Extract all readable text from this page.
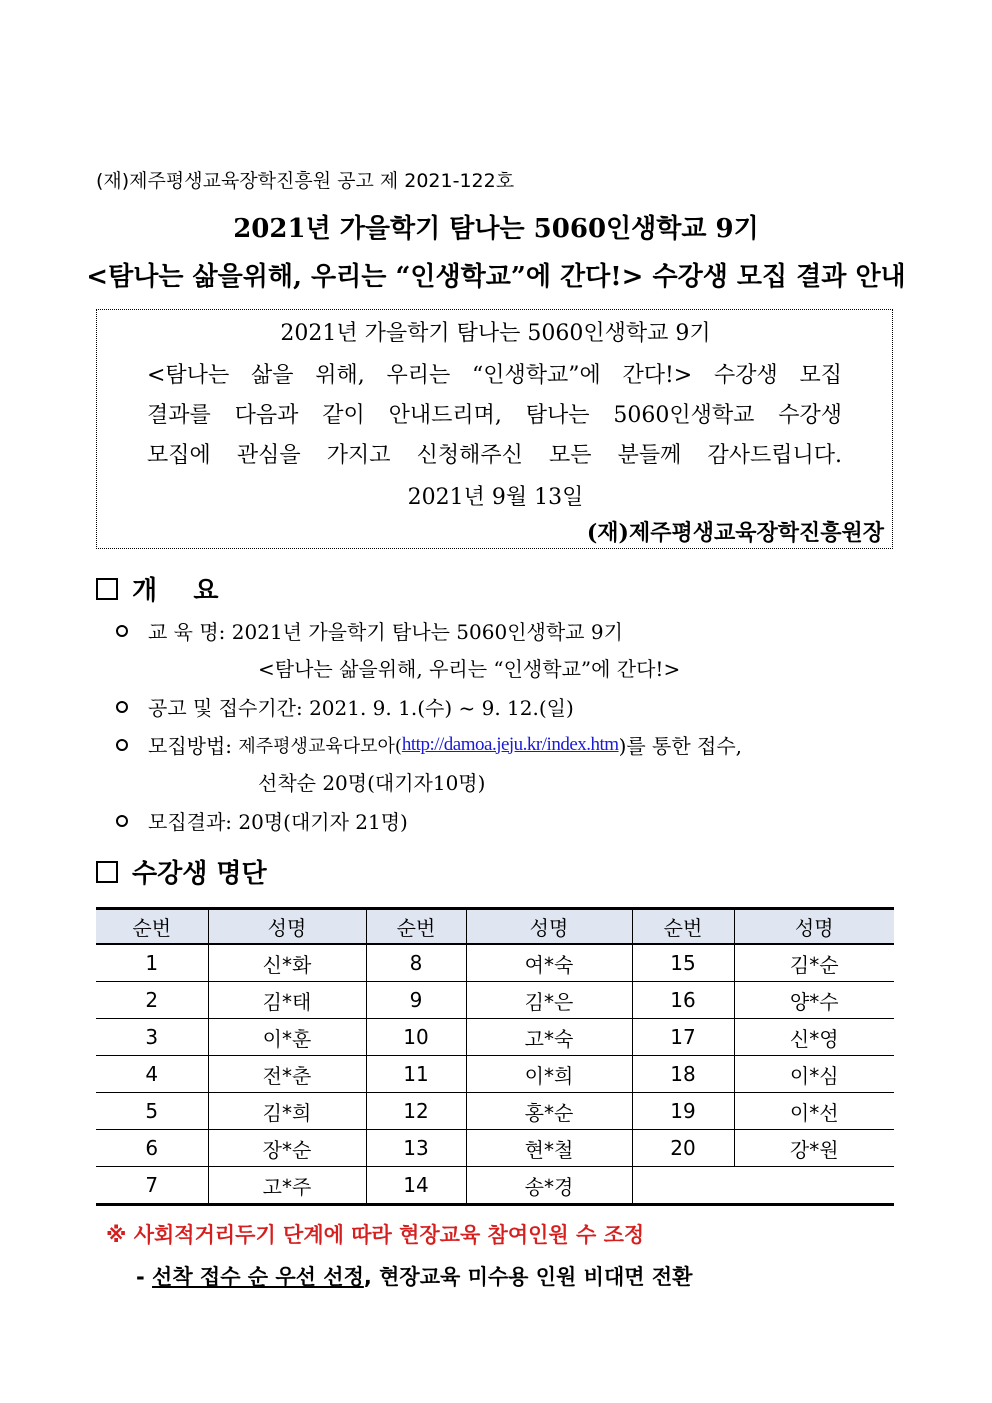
(재)제주평생교육장학진흥원 공고 제 2021-122호
2021년 가을학기 탐나는 5060인생학교 9기
<탐나는 삶을위해, 우리는 “인생학교”에 간다!> 수강생 모집 결과 안내
2021년 가을학기 탐나는 5060인생학교 9기
<탐나는 삶을 위해, 우리는 “인생학교”에 간다!> 수강생 모집
결과를 다음과 같이 안내드리며, 탐나는 5060인생학교 수강생
모집에 관심을 가지고 신청해주신 모든 분들께 감사드립니다.
2021년 9월 13일
(재)제주평생교육장학진흥원장
개    요
교 육 명: 2021년 가을학기 탐나는 5060인생학교 9기
<탐나는 삶을위해, 우리는 “인생학교”에 간다!>
공고 및 접수기간: 2021. 9. 1.(수) ~ 9. 12.(일)
모집방법: 제주평생교육다모아( http://damoa.jeju.kr/index.htm )를 통한 접수,
선착순 20명(대기자10명)
모집결과: 20명(대기자 21명)
수강생 명단
순번	성명	순번	성명	순번	성명
1	신*화	8	여*숙	15	김*순
2	김*태	9	김*은	16	양*수
3	이*훈	10	고*숙	17	신*영
4	전*춘	11	이*희	18	이*심
5	김*희	12	홍*순	19	이*선
6	장*순	13	현*철	20	강*원
7	고*주	14	송*경		
※ 사회적거리두기 단계에 따라 현장교육 참여인원 수 조정
- 선착 접수 순 우선 선정, 현장교육 미수용 인원 비대면 전환
